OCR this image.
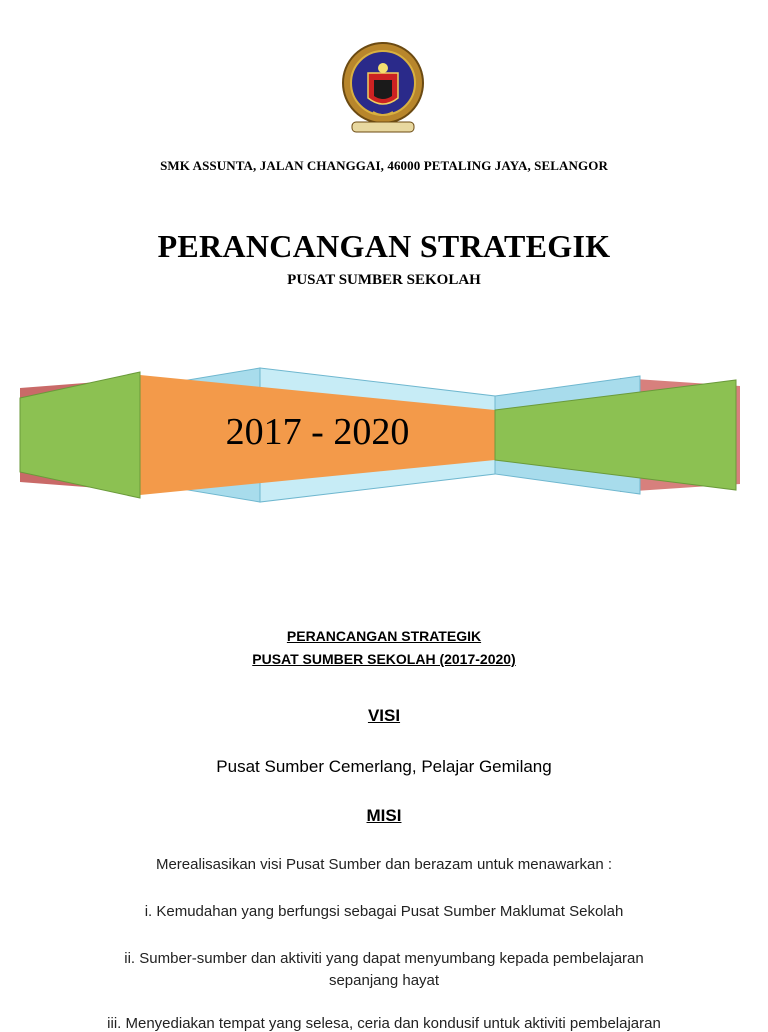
SMK ASSUNTA, JALAN CHANGGAI, 46000 PETALING JAYA, SELANGOR
PERANCANGAN STRATEGIK
PUSAT SUMBER SEKOLAH
2017 - 2020
PERANCANGAN STRATEGIK
PUSAT SUMBER SEKOLAH (2017-2020)
VISI
Pusat Sumber Cemerlang, Pelajar Gemilang
MISI
Merealisasikan visi Pusat Sumber dan berazam untuk menawarkan :
i. Kemudahan yang berfungsi sebagai Pusat Sumber Maklumat Sekolah
ii. Sumber-sumber dan aktiviti yang dapat menyumbang kepada pembelajaran
sepanjang hayat
iii. Menyediakan tempat yang selesa, ceria dan kondusif untuk aktiviti pembelajaran
